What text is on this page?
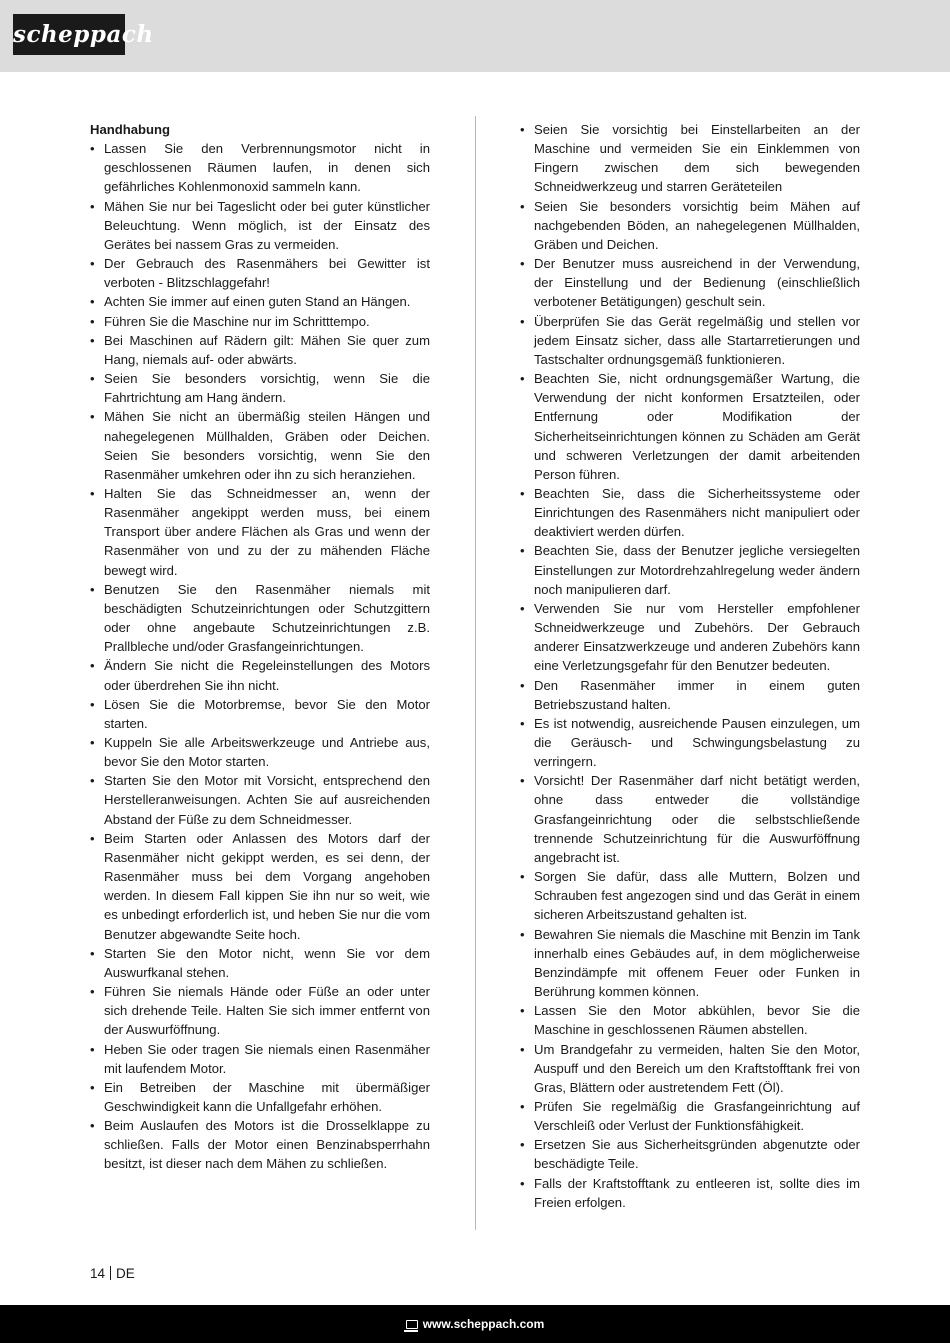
scheppach
Handhabung
• Lassen Sie den Verbrennungsmotor nicht in geschlossenen Räumen laufen, in denen sich gefährliches Kohlenmonoxid sammeln kann.
• Mähen Sie nur bei Tageslicht oder bei guter künstlicher Beleuchtung. Wenn möglich, ist der Einsatz des Gerätes bei nassem Gras zu vermeiden.
• Der Gebrauch des Rasenmähers bei Gewitter ist verboten - Blitzschlaggefahr!
• Achten Sie immer auf einen guten Stand an Hängen.
• Führen Sie die Maschine nur im Schritttempo.
• Bei Maschinen auf Rädern gilt: Mähen Sie quer zum Hang, niemals auf- oder abwärts.
• Seien Sie besonders vorsichtig, wenn Sie die Fahrtrichtung am Hang ändern.
• Mähen Sie nicht an übermäßig steilen Hängen und nahegelegenen Müllhalden, Gräben oder Deichen. Seien Sie besonders vorsichtig, wenn Sie den Rasenmäher umkehren oder ihn zu sich heranziehen.
• Halten Sie das Schneidmesser an, wenn der Rasenmäher angekippt werden muss, bei einem Transport über andere Flächen als Gras und wenn der Rasenmäher von und zu der zu mähenden Fläche bewegt wird.
• Benutzen Sie den Rasenmäher niemals mit beschädigten Schutzeinrichtungen oder Schutzgittern oder ohne angebaute Schutzeinrichtungen z.B. Prallbleche und/oder Grasfangeinrichtungen.
• Ändern Sie nicht die Regeleinstellungen des Motors oder überdrehen Sie ihn nicht.
• Lösen Sie die Motorbremse, bevor Sie den Motor starten.
• Kuppeln Sie alle Arbeitswerkzeuge und Antriebe aus, bevor Sie den Motor starten.
• Starten Sie den Motor mit Vorsicht, entsprechend den Herstelleranweisungen. Achten Sie auf ausreichenden Abstand der Füße zu dem Schneidmesser.
• Beim Starten oder Anlassen des Motors darf der Rasenmäher nicht gekippt werden, es sei denn, der Rasenmäher muss bei dem Vorgang angehoben werden. In diesem Fall kippen Sie ihn nur so weit, wie es unbedingt erforderlich ist, und heben Sie nur die vom Benutzer abgewandte Seite hoch.
• Starten Sie den Motor nicht, wenn Sie vor dem Auswurfkanal stehen.
• Führen Sie niemals Hände oder Füße an oder unter sich drehende Teile. Halten Sie sich immer entfernt von der Auswurföffnung.
• Heben Sie oder tragen Sie niemals einen Rasenmäher mit laufendem Motor.
• Ein Betreiben der Maschine mit übermäßiger Geschwindigkeit kann die Unfallgefahr erhöhen.
• Beim Auslaufen des Motors ist die Drosselklappe zu schließen. Falls der Motor einen Benzinabsperrhahn besitzt, ist dieser nach dem Mähen zu schließen.
• Seien Sie vorsichtig bei Einstellarbeiten an der Maschine und vermeiden Sie ein Einklemmen von Fingern zwischen dem sich bewegenden Schneidwerkzeug und starren Geräteteilen
• Seien Sie besonders vorsichtig beim Mähen auf nachgebenden Böden, an nahegelegenen Müllhalden, Gräben und Deichen.
• Der Benutzer muss ausreichend in der Verwendung, der Einstellung und der Bedienung (einschließlich verbotener Betätigungen) geschult sein.
• Überprüfen Sie das Gerät regelmäßig und stellen vor jedem Einsatz sicher, dass alle Startarretierungen und Tastschalter ordnungsgemäß funktionieren.
• Beachten Sie, nicht ordnungsgemäßer Wartung, die Verwendung der nicht konformen Ersatzteilen, oder Entfernung oder Modifikation der Sicherheitseinrichtungen können zu Schäden am Gerät und schweren Verletzungen der damit arbeitenden Person führen.
• Beachten Sie, dass die Sicherheitssysteme oder Einrichtungen des Rasenmähers nicht manipuliert oder deaktiviert werden dürfen.
• Beachten Sie, dass der Benutzer jegliche versiegelten Einstellungen zur Motordrehzahlregelung weder ändern noch manipulieren darf.
• Verwenden Sie nur vom Hersteller empfohlener Schneidwerkzeuge und Zubehörs. Der Gebrauch anderer Einsatzwerkzeuge und anderen Zubehörs kann eine Verletzungsgefahr für den Benutzer bedeuten.
• Den Rasenmäher immer in einem guten Betriebszustand halten.
• Es ist notwendig, ausreichende Pausen einzulegen, um die Geräusch- und Schwingungsbelastung zu verringern.
• Vorsicht! Der Rasenmäher darf nicht betätigt werden, ohne dass entweder die vollständige Grasfangeinrichtung oder die selbstschließende trennende Schutzeinrichtung für die Auswurföffnung angebracht ist.
• Sorgen Sie dafür, dass alle Muttern, Bolzen und Schrauben fest angezogen sind und das Gerät in einem sicheren Arbeitszustand gehalten ist.
• Bewahren Sie niemals die Maschine mit Benzin im Tank innerhalb eines Gebäudes auf, in dem möglicherweise Benzindämpfe mit offenem Feuer oder Funken in Berührung kommen können.
• Lassen Sie den Motor abkühlen, bevor Sie die Maschine in geschlossenen Räumen abstellen.
• Um Brandgefahr zu vermeiden, halten Sie den Motor, Auspuff und den Bereich um den Kraftstofftank frei von Gras, Blättern oder austretendem Fett (Öl).
• Prüfen Sie regelmäßig die Grasfangeinrichtung auf Verschleiß oder Verlust der Funktionsfähigkeit.
• Ersetzen Sie aus Sicherheitsgründen abgenutzte oder beschädigte Teile.
• Falls der Kraftstofftank zu entleeren ist, sollte dies im Freien erfolgen.
14 DE
www.scheppach.com
